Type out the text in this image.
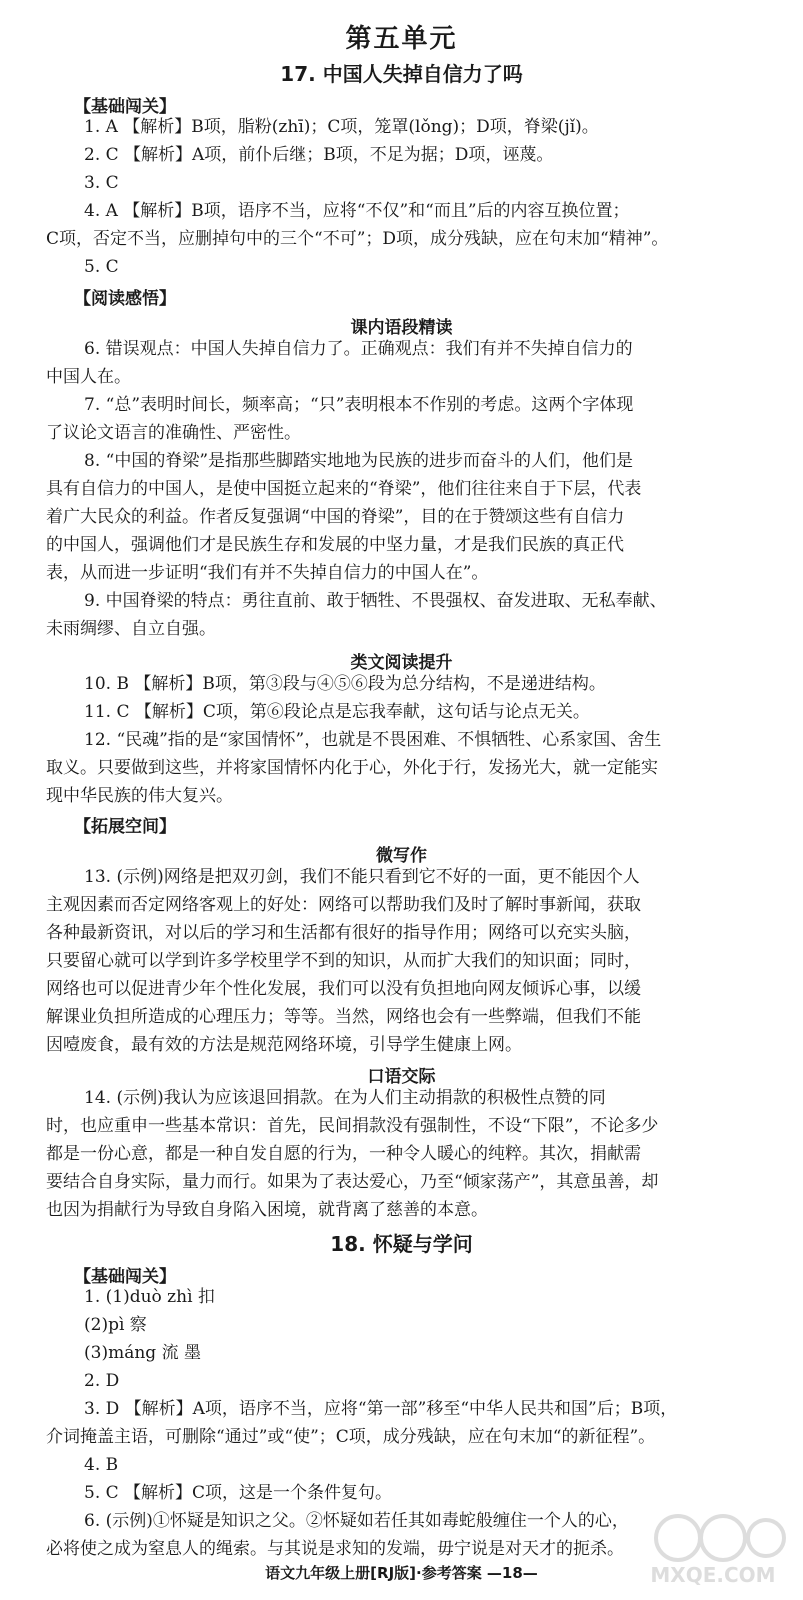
第五单元
17. 中国人失掉自信力了吗
【基础闯关】
1. A 【解析】B项，脂粉(zhī)；C项，笼罩(lǒng)；D项，脊梁(jǐ)。
2. C 【解析】A项，前仆后继；B项，不足为据；D项，诬蔑。
3. C
4. A 【解析】B项，语序不当，应将“不仅”和“而且”后的内容互换位置；
C项，否定不当，应删掉句中的三个“不可”；D项，成分残缺，应在句末加“精神”。
5. C
【阅读感悟】
课内语段精读
6. 错误观点：中国人失掉自信力了。正确观点：我们有并不失掉自信力的
中国人在。
7. “总”表明时间长，频率高；“只”表明根本不作别的考虑。这两个字体现
了议论文语言的准确性、严密性。
8. “中国的脊梁”是指那些脚踏实地地为民族的进步而奋斗的人们，他们是
具有自信力的中国人，是使中国挺立起来的“脊梁”，他们往往来自于下层，代表
着广大民众的利益。作者反复强调“中国的脊梁”，目的在于赞颂这些有自信力
的中国人，强调他们才是民族生存和发展的中坚力量，才是我们民族的真正代
表，从而进一步证明“我们有并不失掉自信力的中国人在”。
9. 中国脊梁的特点：勇往直前、敢于牺牲、不畏强权、奋发进取、无私奉献、
未雨绸缪、自立自强。
类文阅读提升
10. B 【解析】B项，第③段与④⑤⑥段为总分结构，不是递进结构。
11. C 【解析】C项，第⑥段论点是忘我奉献，这句话与论点无关。
12. “民魂”指的是“家国情怀”，也就是不畏困难、不惧牺牲、心系家国、舍生
取义。只要做到这些，并将家国情怀内化于心，外化于行，发扬光大，就一定能实
现中华民族的伟大复兴。
【拓展空间】
微写作
13. (示例)网络是把双刃剑，我们不能只看到它不好的一面，更不能因个人
主观因素而否定网络客观上的好处：网络可以帮助我们及时了解时事新闻，获取
各种最新资讯，对以后的学习和生活都有很好的指导作用；网络可以充实头脑，
只要留心就可以学到许多学校里学不到的知识，从而扩大我们的知识面；同时，
网络也可以促进青少年个性化发展，我们可以没有负担地向网友倾诉心事，以缓
解课业负担所造成的心理压力；等等。当然，网络也会有一些弊端，但我们不能
因噎废食，最有效的方法是规范网络环境，引导学生健康上网。
口语交际
14. (示例)我认为应该退回捐款。在为人们主动捐款的积极性点赞的同
时，也应重申一些基本常识：首先，民间捐款没有强制性，不设“下限”，不论多少
都是一份心意，都是一种自发自愿的行为，一种令人暖心的纯粹。其次，捐献需
要结合自身实际，量力而行。如果为了表达爱心，乃至“倾家荡产”，其意虽善，却
也因为捐献行为导致自身陷入困境，就背离了慈善的本意。
18. 怀疑与学问
【基础闯关】
1. (1)duò zhì 扣
(2)pì 察
(3)máng 流 墨
2. D
3. D 【解析】A项，语序不当，应将“第一部”移至“中华人民共和国”后；B项，
介词掩盖主语，可删除“通过”或“使”；C项，成分残缺，应在句末加“的新征程”。
4. B
5. C 【解析】C项，这是一个条件复句。
6. (示例)①怀疑是知识之父。②怀疑如若任其如毒蛇般缠住一个人的心，
必将使之成为窒息人的绳索。与其说是求知的发端，毋宁说是对天才的扼杀。
语文九年级上册[RJ版]·参考答案 —18—	MXQE.COM
